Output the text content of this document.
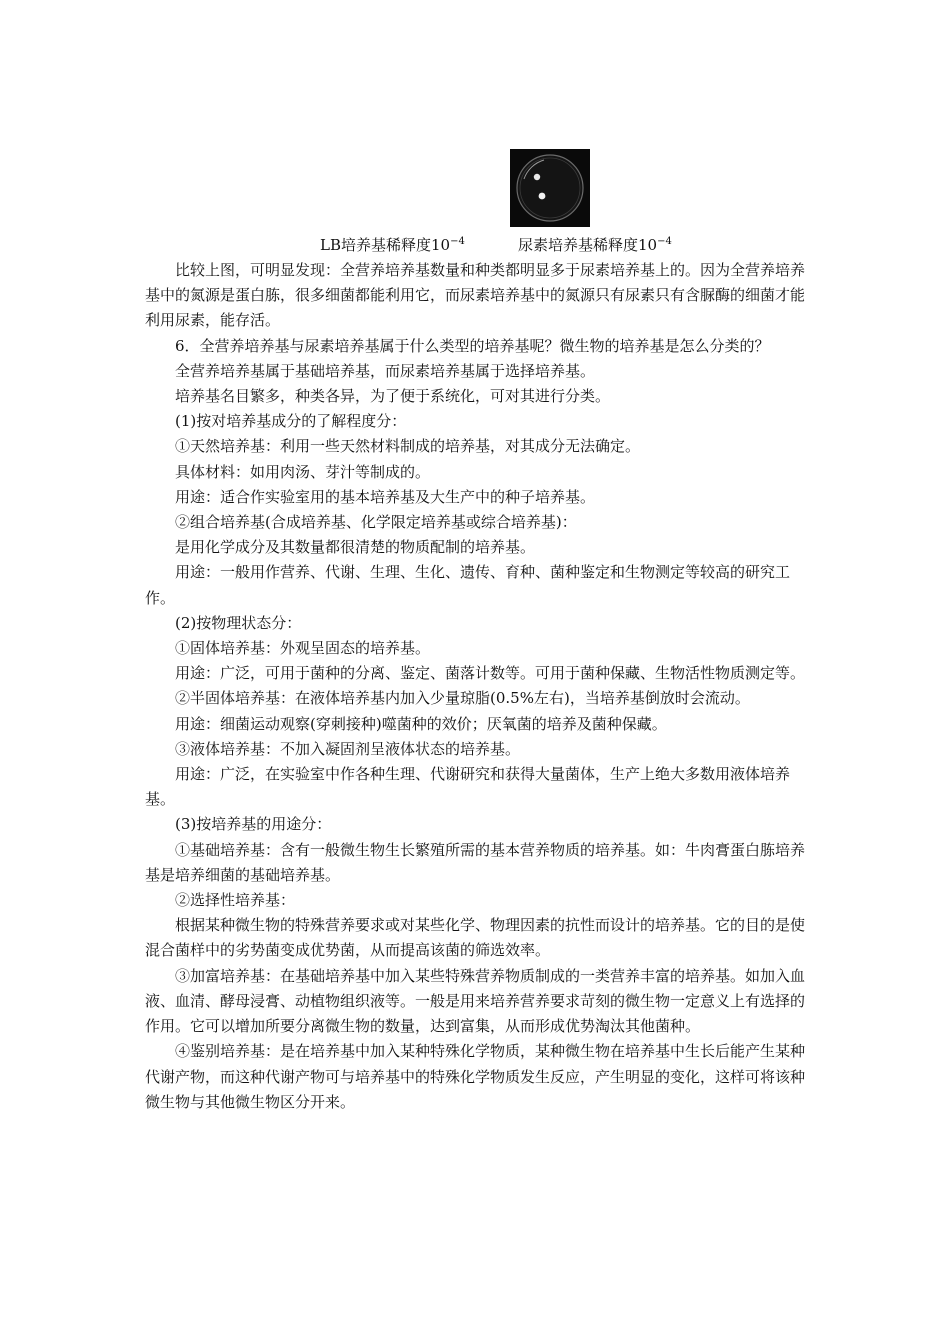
LB培养基稀释度$10^{-4}$	尿素培养基稀释度$10^{-4}$

比较上图，可明显发现：全营养培养基数量和种类都明显多于尿素培养基上的。因为全营养培养基中的氮源是蛋白胨，很多细菌都能利用它，而尿素培养基中的氮源只有尿素只有含脲酶的细菌才能利用尿素，能存活。

6．全营养培养基与尿素培养基属于什么类型的培养基呢？微生物的培养基是怎么分类的？

全营养培养基属于基础培养基，而尿素培养基属于选择培养基。

培养基名目繁多，种类各异，为了便于系统化，可对其进行分类。

(1)按对培养基成分的了解程度分：

①天然培养基：利用一些天然材料制成的培养基，对其成分无法确定。

具体材料：如用肉汤、芽汁等制成的。

用途：适合作实验室用的基本培养基及大生产中的种子培养基。

②组合培养基(合成培养基、化学限定培养基或综合培养基)：

是用化学成分及其数量都很清楚的物质配制的培养基。

用途：一般用作营养、代谢、生理、生化、遗传、育种、菌种鉴定和生物测定等较高的研究工作。

(2)按物理状态分：

①固体培养基：外观呈固态的培养基。

用途：广泛，可用于菌种的分离、鉴定、菌落计数等。可用于菌种保藏、生物活性物质测定等。

②半固体培养基：在液体培养基内加入少量琼脂(0.5%左右)，当培养基倒放时会流动。

用途：细菌运动观察(穿刺接种)噬菌种的效价；厌氧菌的培养及菌种保藏。

③液体培养基：不加入凝固剂呈液体状态的培养基。

用途：广泛，在实验室中作各种生理、代谢研究和获得大量菌体，生产上绝大多数用液体培养基。

(3)按培养基的用途分：

①基础培养基：含有一般微生物生长繁殖所需的基本营养物质的培养基。如：牛肉膏蛋白胨培养基是培养细菌的基础培养基。

②选择性培养基：

根据某种微生物的特殊营养要求或对某些化学、物理因素的抗性而设计的培养基。它的目的是使混合菌样中的劣势菌变成优势菌，从而提高该菌的筛选效率。

③加富培养基：在基础培养基中加入某些特殊营养物质制成的一类营养丰富的培养基。如加入血液、血清、酵母浸膏、动植物组织液等。一般是用来培养营养要求苛刻的微生物一定意义上有选择的作用。它可以增加所要分离微生物的数量，达到富集，从而形成优势淘汰其他菌种。

④鉴别培养基：是在培养基中加入某种特殊化学物质，某种微生物在培养基中生长后能产生某种代谢产物，而这种代谢产物可与培养基中的特殊化学物质发生反应，产生明显的变化，这样可将该种微生物与其他微生物区分开来。
